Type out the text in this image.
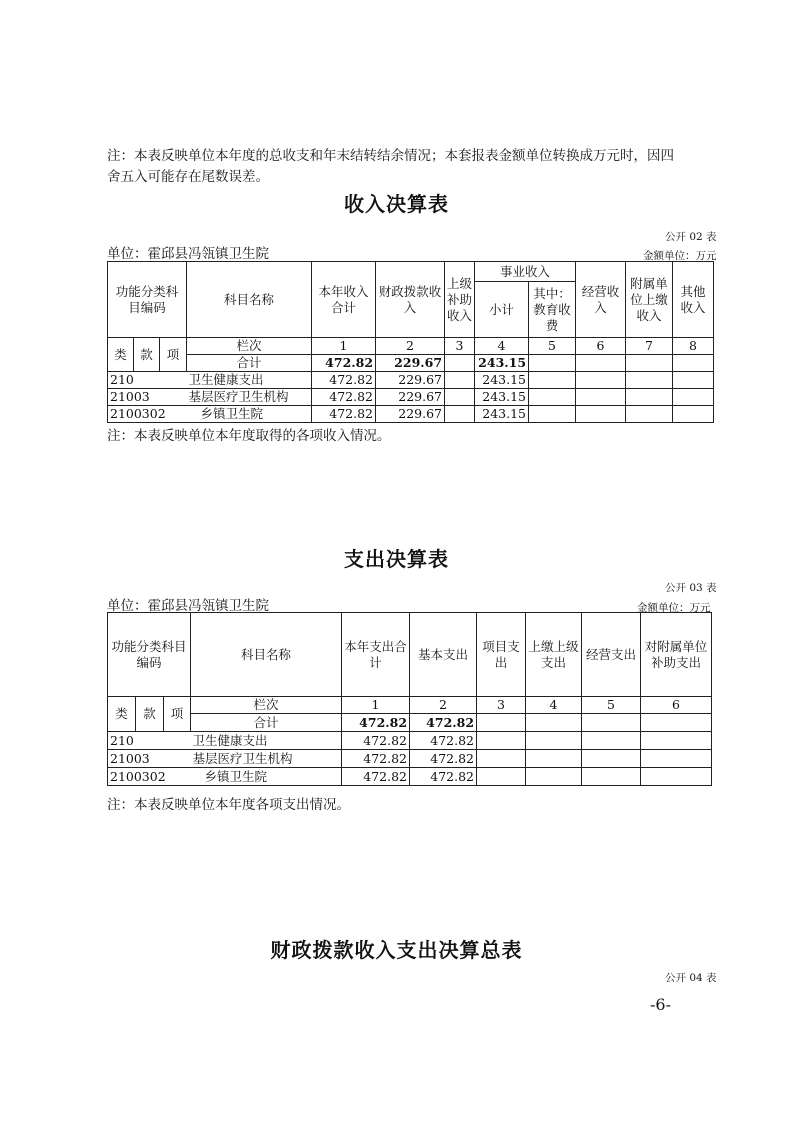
注：本表反映单位本年度的总收支和年末结转结余情况；本套报表金额单位转换成万元时，因四
舍五入可能存在尾数误差。
收入决算表
公开 02 表
单位：霍邱县冯瓴镇卫生院	金额单位：万元
功能分类科目编码			科目名称	本年收入合计	财政拨款收入	上级补助收入	事业收入		经营收入	附属单位上缴收入	其他收入
							小计	其中：教育收费			

类	款	项	栏次	1	2	3	4	5	6	7	8
			合计	472.82	229.67		243.15				
210			卫生健康支出	472.82	229.67		243.15				
21003			基层医疗卫生机构	472.82	229.67		243.15				
2100302			乡镇卫生院	472.82	229.67		243.15				
注：本表反映单位本年度取得的各项收入情况。
支出决算表
公开 03 表
单位：霍邱县冯瓴镇卫生院	金额单位：万元
功能分类科目编码			科目名称	本年支出合计	基本支出	项目支出	上缴上级支出	经营支出	对附属单位补助支出

类	款	项	栏次	1	2	3	4	5	6
			合计	472.82	472.82				
210			卫生健康支出	472.82	472.82				
21003			基层医疗卫生机构	472.82	472.82				
2100302			乡镇卫生院	472.82	472.82				
注：本表反映单位本年度各项支出情况。
财政拨款收入支出决算总表
公开 04 表
-6-
